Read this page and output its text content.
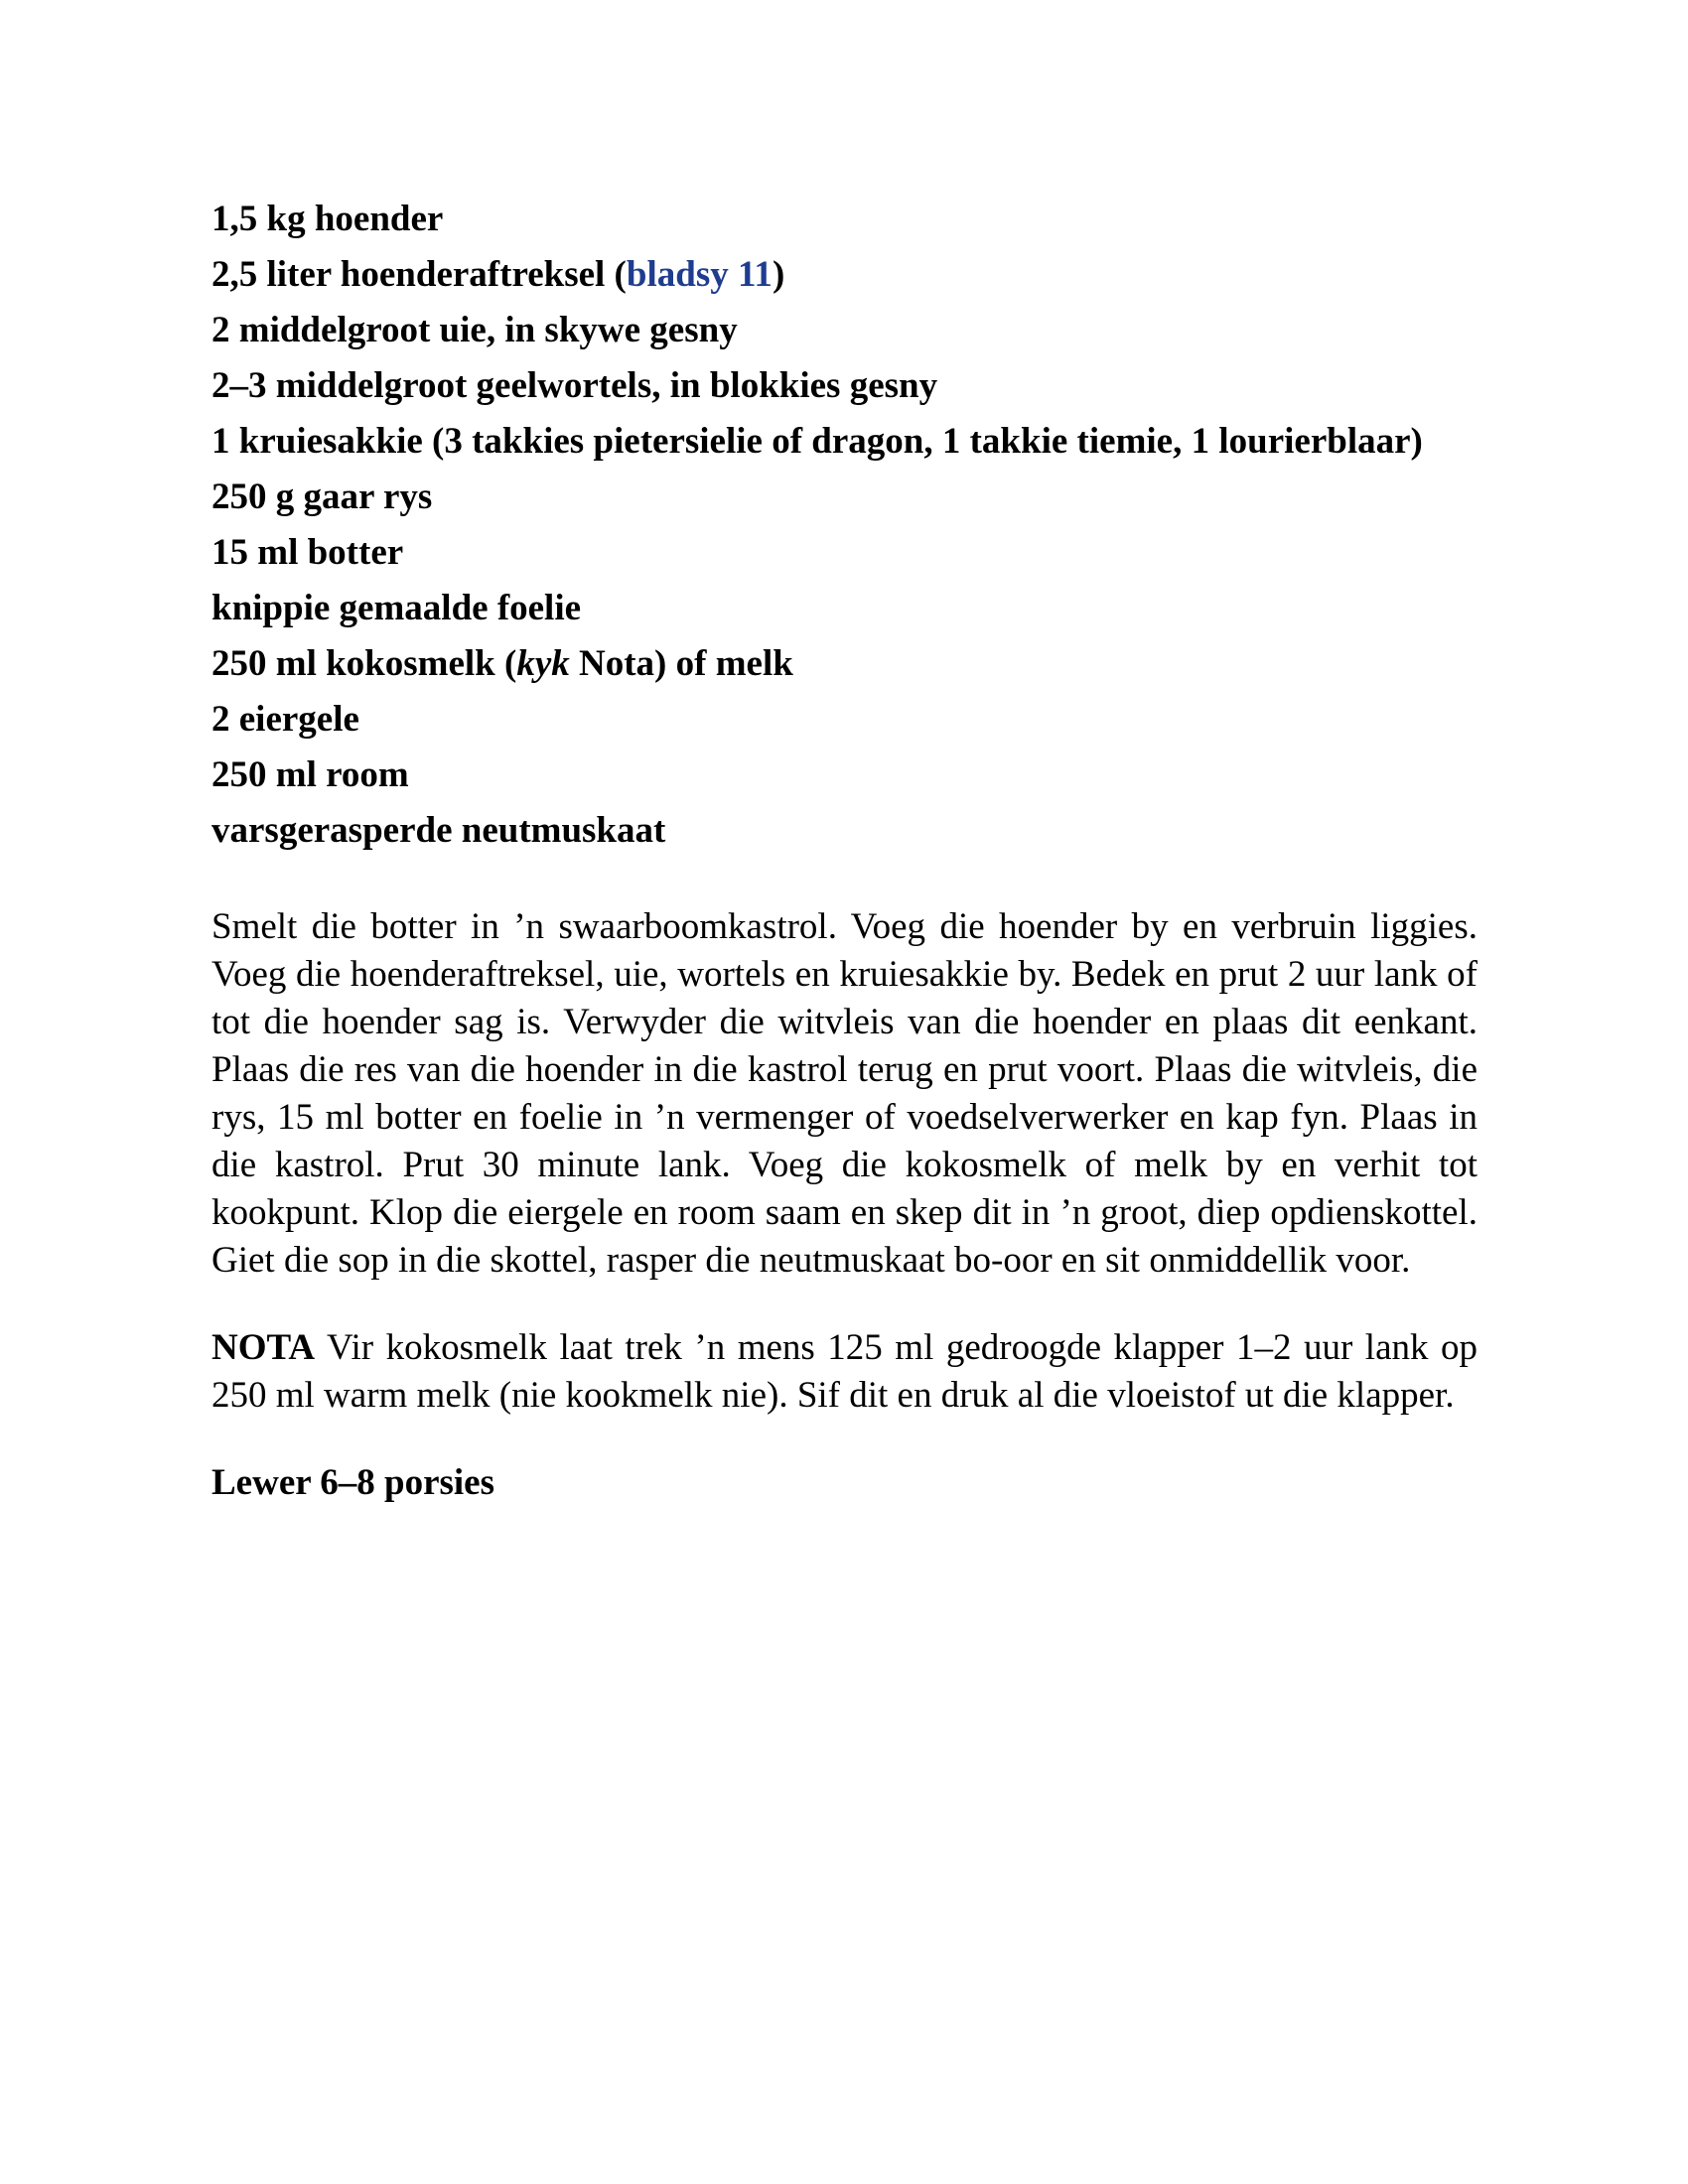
1,5 kg hoender
2,5 liter hoenderaftreksel (bladsy 11)
2 middelgroot uie, in skywe gesny
2–3 middelgroot geelwortels, in blokkies gesny
1 kruiesakkie (3 takkies pietersielie of dragon, 1 takkie tiemie, 1 lourierblaar)
250 g gaar rys
15 ml botter
knippie gemaalde foelie
250 ml kokosmelk (kyk Nota) of melk
2 eiergele
250 ml room
varsgerasperde neutmuskaat

Smelt die botter in ’n swaarboomkastrol. Voeg die hoender by en verbruin liggies. Voeg die hoenderaftreksel, uie, wortels en kruiesakkie by. Bedek en prut 2 uur lank of tot die hoender sag is. Verwyder die witvleis van die hoender en plaas dit eenkant. Plaas die res van die hoender in die kastrol terug en prut voort. Plaas die witvleis, die rys, 15 ml botter en foelie in ’n vermenger of voedselverwerker en kap fyn. Plaas in die kastrol. Prut 30 minute lank. Voeg die kokosmelk of melk by en verhit tot kookpunt. Klop die eiergele en room saam en skep dit in ’n groot, diep opdienskottel. Giet die sop in die skottel, rasper die neutmuskaat bo-oor en sit onmiddellik voor.

NOTA Vir kokosmelk laat trek ’n mens 125 ml gedroogde klapper 1–2 uur lank op 250 ml warm melk (nie kookmelk nie). Sif dit en druk al die vloeistof ut die klapper.

Lewer 6–8 porsies
